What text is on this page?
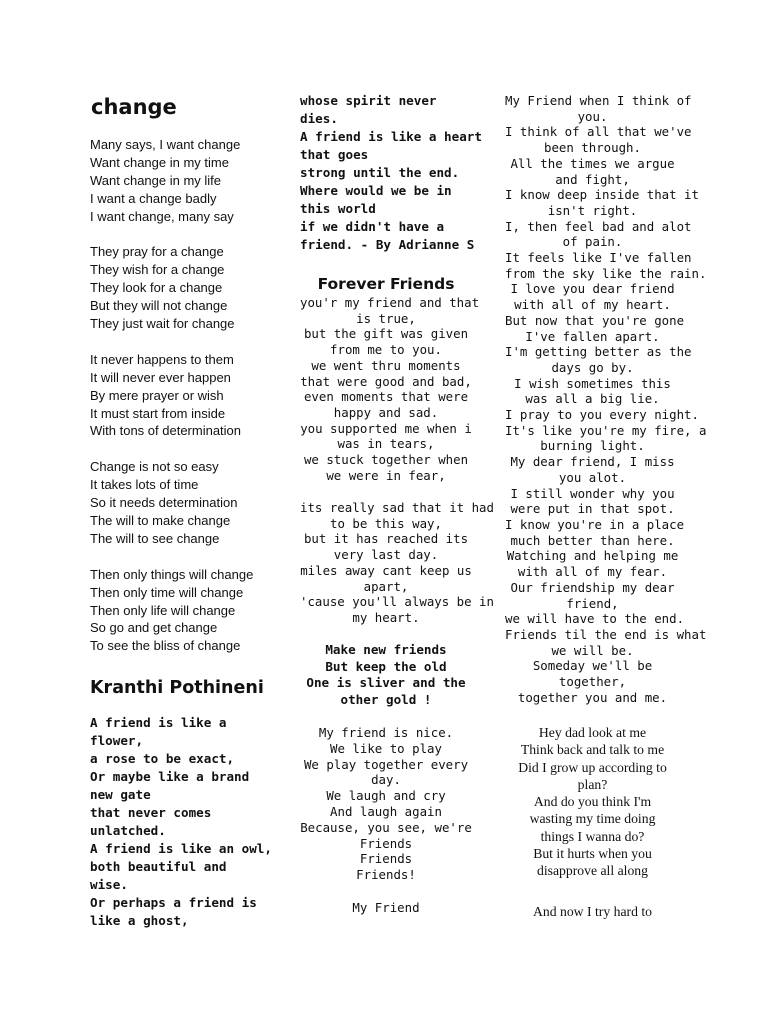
change
Many says, I want change
Want change in my time
Want change in my life
I want a change badly
I want change, many say
They pray for a change
They wish for a change
They look for a change
But they will not change
They just wait for change
It never happens to them
It will never ever happen
By mere prayer or wish
It must start from inside
With tons of determination
Change is not so easy
It takes lots of time
So it needs determination
The will to make change
The will to see change
Then only things will change
Then only time will change
Then only life will change
So go and get change
To see the bliss of change
Kranthi Pothineni
A friend is like a
flower,
a rose to be exact,
Or maybe like a brand
new gate
that never comes
unlatched.
A friend is like an owl,
both beautiful and
wise.
Or perhaps a friend is
like a ghost,
whose spirit never
dies.
A friend is like a heart
that goes
strong until the end.
Where would we be in
this world
if we didn't have a
friend. - By Adrianne S
Forever Friends
you'r my friend and that
is true,
but the gift was given
from me to you.
we went thru moments
that were good and bad,
even moments that were
happy and sad.
you supported me when i
was in tears,
we stuck together when
we were in fear,
its really sad that it had
to be this way,
but it has reached its
very last day.
miles away cant keep us
apart,
'cause you'll always be in
my heart.
Make new friends
But keep the old
One is sliver and the
other gold !
My friend is nice.
We like to play
We play together every
day.
We laugh and cry
And laugh again
Because, you see, we're
Friends
Friends
Friends!
My Friend
My Friend when I think of
you.
I think of all that we've
been through.
All the times we argue
and fight,
I know deep inside that it
isn't right.
I, then feel bad and alot
of pain.
It feels like I've fallen
from the sky like the rain.
I love you dear friend
with all of my heart.
But now that you're gone
I've fallen apart.
I'm getting better as the
days go by.
I wish sometimes this
was all a big lie.
I pray to you every night.
It's like you're my fire, a
burning light.
My dear friend, I miss
you alot.
I still wonder why you
were put in that spot.
I know you're in a place
much better than here.
Watching and helping me
with all of my fear.
Our friendship my dear
friend,
we will have to the end.
Friends til the end is what
we will be.
Someday we'll be
together,
together you and me.
Hey dad look at me
Think back and talk to me
Did I grow up according to
plan?
And do you think I'm
wasting my time doing
things I wanna do?
But it hurts when you
disapprove all along
And now I try hard to
